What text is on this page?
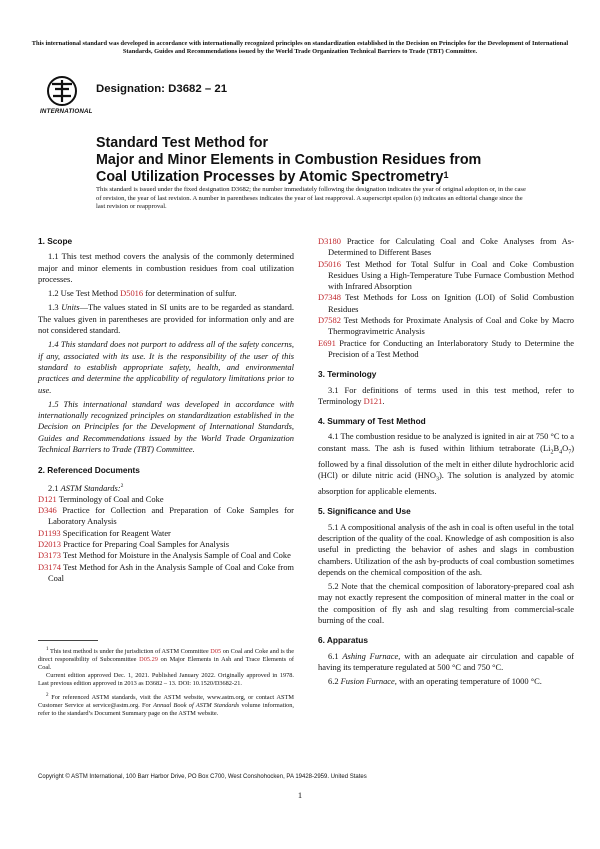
This international standard was developed in accordance with internationally recognized principles on standardization established in the Decision on Principles for the Development of International Standards, Guides and Recommendations issued by the World Trade Organization Technical Barriers to Trade (TBT) Committee.
INTERNATIONAL
Designation: D3682 – 21
Standard Test Method for
Major and Minor Elements in Combustion Residues from
Coal Utilization Processes by Atomic Spectrometry$^1$
This standard is issued under the fixed designation D3682; the number immediately following the designation indicates the year of original adoption or, in the case of revision, the year of last revision. A number in parentheses indicates the year of last reapproval. A superscript epsilon (ε) indicates an editorial change since the last revision or reapproval.
1. Scope

1.1 This test method covers the analysis of the commonly determined major and minor elements in combustion residues from coal utilization processes.

1.2 Use Test Method D5016 for determination of sulfur.

1.3 Units—The values stated in SI units are to be regarded as standard. The values given in parentheses are provided for information only and are not considered standard.

1.4 This standard does not purport to address all of the safety concerns, if any, associated with its use. It is the responsibility of the user of this standard to establish appropriate safety, health, and environmental practices and determine the applicability of regulatory limitations prior to use.

1.5 This international standard was developed in accordance with internationally recognized principles on standardization established in the Decision on Principles for the Development of International Standards, Guides and Recommendations issued by the World Trade Organization Technical Barriers to Trade (TBT) Committee.

2. Referenced Documents

2.1 ASTM Standards:$^2$

D121 Terminology of Coal and Coke

D346 Practice for Collection and Preparation of Coke Samples for Laboratory Analysis

D1193 Specification for Reagent Water

D2013 Practice for Preparing Coal Samples for Analysis

D3173 Test Method for Moisture in the Analysis Sample of Coal and Coke

D3174 Test Method for Ash in the Analysis Sample of Coal and Coke from Coal

$^1$ This test method is under the jurisdiction of ASTM Committee D05 on Coal and Coke and is the direct responsibility of Subcommittee D05.29 on Major Elements in Ash and Trace Elements of Coal.

Current edition approved Dec. 1, 2021. Published January 2022. Originally approved in 1978. Last previous edition approved in 2013 as D3682 – 13. DOI: 10.1520/D3682-21.

$^2$ For referenced ASTM standards, visit the ASTM website, www.astm.org, or contact ASTM Customer Service at service@astm.org. For Annual Book of ASTM Standards volume information, refer to the standard’s Document Summary page on the ASTM website.

D3180 Practice for Calculating Coal and Coke Analyses from As-Determined to Different Bases

D5016 Test Method for Total Sulfur in Coal and Coke Combustion Residues Using a High-Temperature Tube Furnace Combustion Method with Infrared Absorption

D7348 Test Methods for Loss on Ignition (LOI) of Solid Combustion Residues

D7582 Test Methods for Proximate Analysis of Coal and Coke by Macro Thermogravimetric Analysis

E691 Practice for Conducting an Interlaboratory Study to Determine the Precision of a Test Method

3. Terminology

3.1 For definitions of terms used in this test method, refer to Terminology D121.

4. Summary of Test Method

4.1 The combustion residue to be analyzed is ignited in air at 750 °C to a constant mass. The ash is fused within lithium tetraborate $(Li_2B_4O_7)$ followed by a final dissolution of the melt in either dilute hydrochloric acid (HCl) or dilute nitric acid $(HNO_3)$. The solution is analyzed by atomic absorption for applicable elements.

5. Significance and Use

5.1 A compositional analysis of the ash in coal is often useful in the total description of the quality of the coal. Knowledge of ash composition is also useful in predicting the behavior of ashes and slags in combustion chambers. Utilization of the ash by-products of coal combustion sometimes depends on the chemical composition of the ash.

5.2 Note that the chemical composition of laboratory-prepared coal ash may not exactly represent the composition of mineral matter in the coal or the composition of fly ash and slag resulting from commercial-scale burning of the coal.

6. Apparatus

6.1 Ashing Furnace, with an adequate air circulation and capable of having its temperature regulated at 500 °C and 750 °C.

6.2 Fusion Furnace, with an operating temperature of 1000 °C.

Copyright © ASTM International, 100 Barr Harbor Drive, PO Box C700, West Conshohocken, PA 19428-2959. United States
1
